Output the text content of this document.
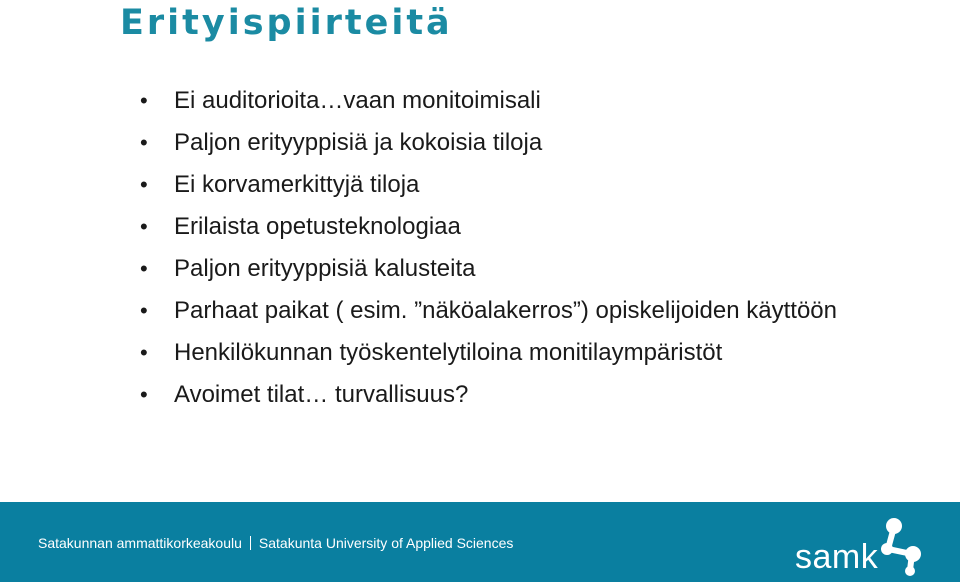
Erityispiirteitä
• Ei auditorioita…vaan monitoimisali
• Paljon erityyppisiä ja kokoisia tiloja
• Ei korvamerkittyjä tiloja
• Erilaista opetusteknologiaa
• Paljon erityyppisiä kalusteita
• Parhaat paikat ( esim. ”näköalakerros”) opiskelijoiden käyttöön
• Henkilökunnan työskentelytiloina monitilaympäristöt
• Avoimet tilat… turvallisuus?
Satakunnan ammattikorkeakoulu Satakunta University of Applied Sciences	samk
